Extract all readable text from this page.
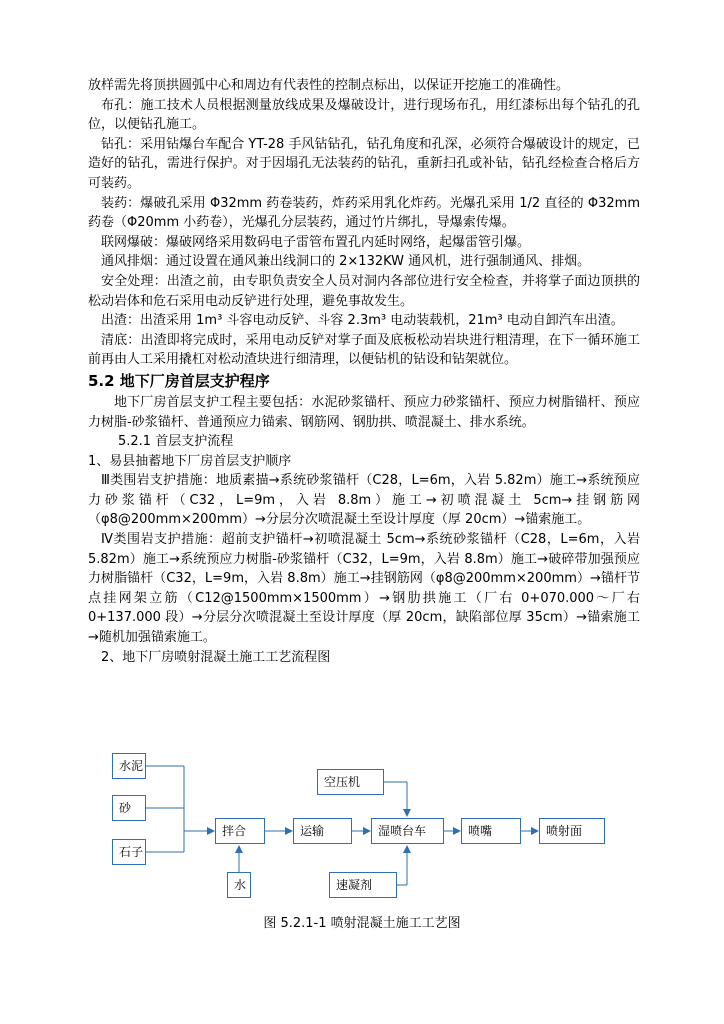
放样需先将顶拱圆弧中心和周边有代表性的控制点标出，以保证开挖施工的准确性。

布孔：施工技术人员根据测量放线成果及爆破设计，进行现场布孔，用红漆标出每个钻孔的孔位，以便钻孔施工。

钻孔：采用钻爆台车配合 YT-28 手风钻钻孔，钻孔角度和孔深，必须符合爆破设计的规定，已造好的钻孔，需进行保护。对于因塌孔无法装药的钻孔，重新扫孔或补钻，钻孔经检查合格后方可装药。

装药：爆破孔采用 Φ32mm 药卷装药，炸药采用乳化炸药。光爆孔采用 1/2 直径的 Φ32mm 药卷（Φ20mm 小药卷），光爆孔分层装药，通过竹片绑扎，导爆索传爆。

联网爆破：爆破网络采用数码电子雷管布置孔内延时网络，起爆雷管引爆。

通风排烟：通过设置在通风兼出线洞口的 2×132KW 通风机，进行强制通风、排烟。

安全处理：出渣之前，由专职负责安全人员对洞内各部位进行安全检查，并将掌子面边顶拱的松动岩体和危石采用电动反铲进行处理，避免事故发生。

出渣：出渣采用 1m³ 斗容电动反铲、斗容 2.3m³ 电动装载机，21m³ 电动自卸汽车出渣。

清底：出渣即将完成时，采用电动反铲对掌子面及底板松动岩块进行粗清理，在下一循环施工前再由人工采用撬杠对松动渣块进行细清理，以便钻机的钻设和钻架就位。

5.2 地下厂房首层支护程序

地下厂房首层支护工程主要包括：水泥砂浆锚杆、预应力砂浆锚杆、预应力树脂锚杆、预应力树脂-砂浆锚杆、普通预应力锚索、钢筋网、钢肋拱、喷混凝土、排水系统。

5.2.1 首层支护流程

1、易县抽蓄地下厂房首层支护顺序

Ⅲ类围岩支护措施：地质素描→系统砂浆锚杆（C28，L=6m，入岩 5.82m）施工→系统预应力砂浆锚杆（C32，L=9m，入岩 8.8m）施工→初喷混凝土 5cm→挂钢筋网（φ8@200mm×200mm）→分层分次喷混凝土至设计厚度（厚 20cm）→锚索施工。

Ⅳ类围岩支护措施：超前支护锚杆→初喷混凝土 5cm→系统砂浆锚杆（C28，L=6m，入岩 5.82m）施工→系统预应力树脂-砂浆锚杆（C32，L=9m，入岩 8.8m）施工→破碎带加强预应力树脂锚杆（C32，L=9m，入岩 8.8m）施工→挂钢筋网（φ8@200mm×200mm）→锚杆节点挂网架立筋（C12@1500mm×1500mm）→钢肋拱施工（厂右 0+070.000～厂右 0+137.000 段）→分层分次喷混凝土至设计厚度（厚 20cm，缺陷部位厚 35cm）→锚索施工→随机加强锚索施工。

2、地下厂房喷射混凝土施工工艺流程图

水泥
砂
石子
拌合
水
运输
空压机
湿喷台车
速凝剂
喷嘴	喷射面
图 5.2.1-1 喷射混凝土施工工艺图
